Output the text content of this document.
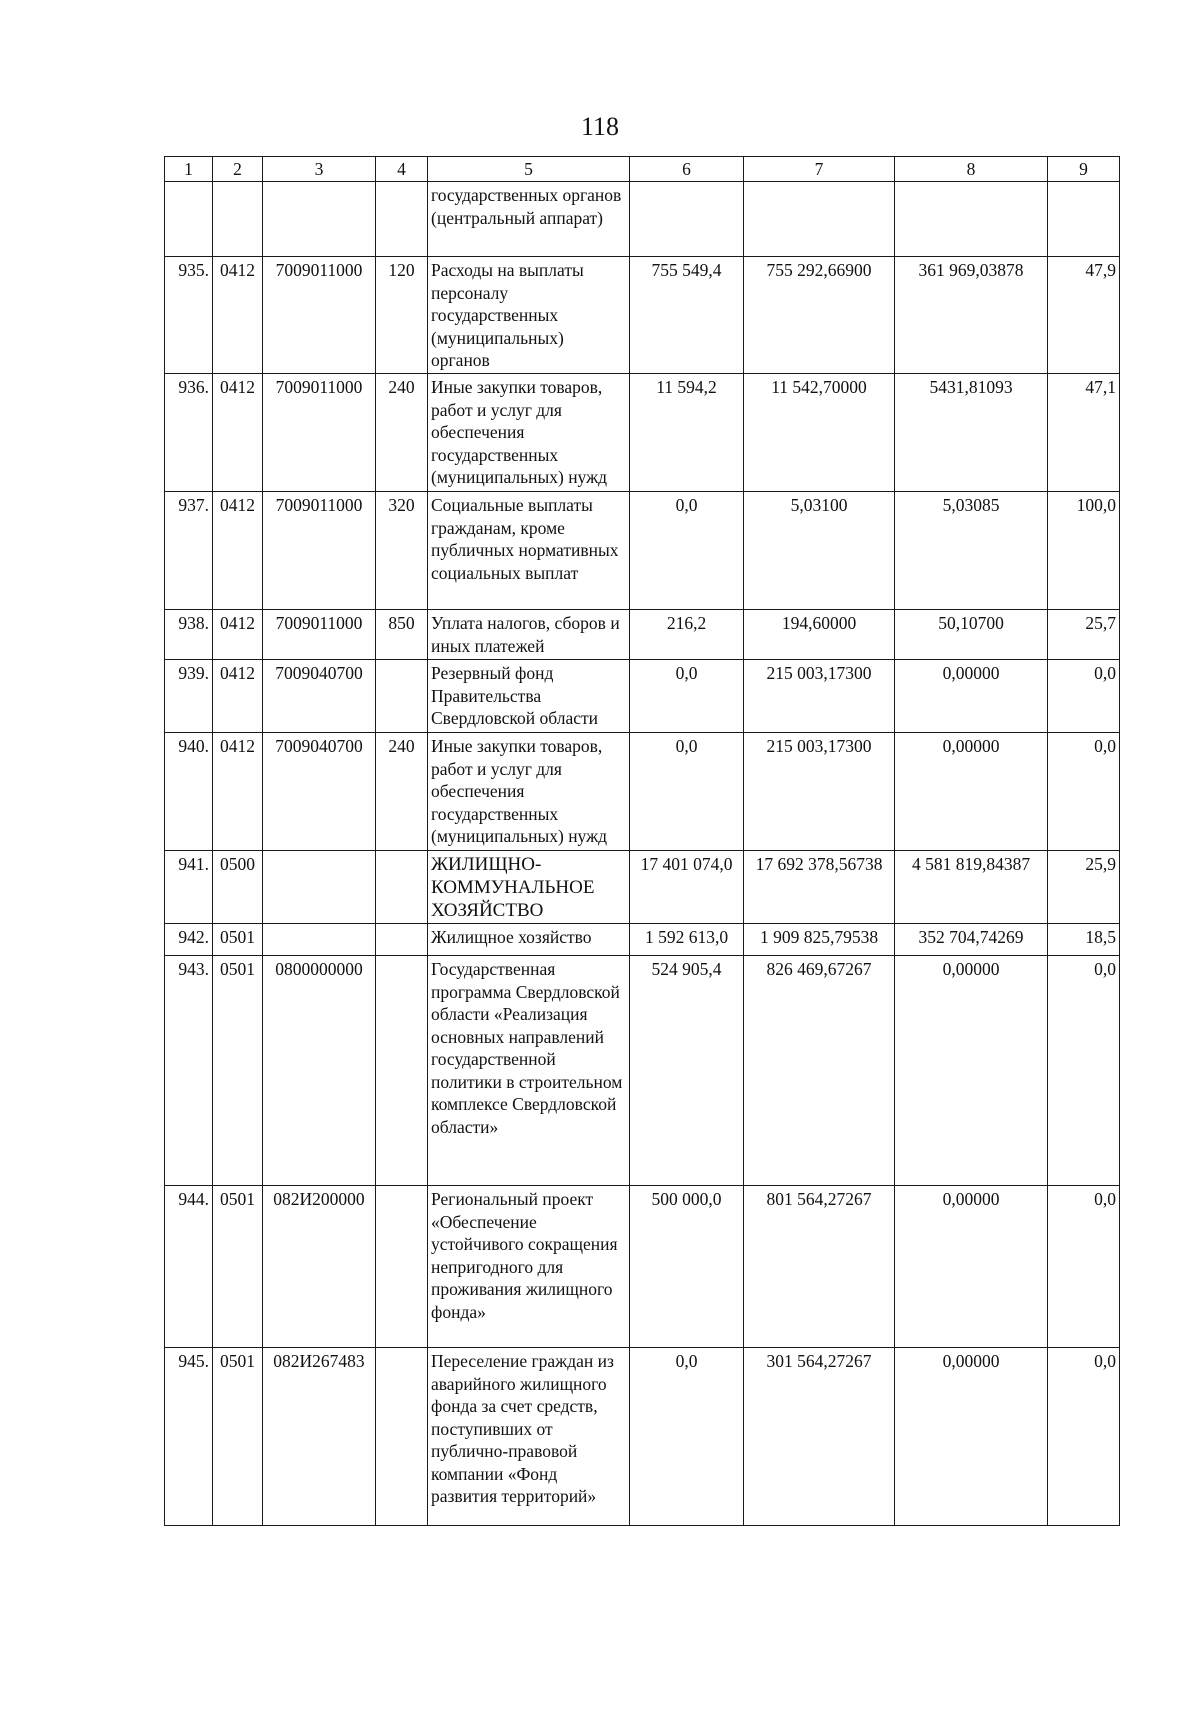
118
1	2	3	4	5	6	7	8	9
				государственных органов (центральный аппарат)				
935.	0412	7009011000	120	Расходы на выплаты персоналу государственных (муниципальных) органов	755 549,4	755 292,66900	361 969,03878	47,9
936.	0412	7009011000	240	Иные закупки товаров, работ и услуг для обеспечения государственных (муниципальных) нужд	11 594,2	11 542,70000	5431,81093	47,1
937.	0412	7009011000	320	Социальные выплаты гражданам, кроме публичных нормативных социальных выплат	0,0	5,03100	5,03085	100,0
938.	0412	7009011000	850	Уплата налогов, сборов и иных платежей	216,2	194,60000	50,10700	25,7
939.	0412	7009040700		Резервный фонд Правительства Свердловской области	0,0	215 003,17300	0,00000	0,0
940.	0412	7009040700	240	Иные закупки товаров, работ и услуг для обеспечения государственных (муниципальных) нужд	0,0	215 003,17300	0,00000	0,0
941.	0500			ЖИЛИЩНО-КОММУНАЛЬНОЕ ХОЗЯЙСТВО	17 401 074,0	17 692 378,56738	4 581 819,84387	25,9
942.	0501			Жилищное хозяйство	1 592 613,0	1 909 825,79538	352 704,74269	18,5
943.	0501	0800000000		Государственная программа Свердловской области «Реализация основных направлений государственной политики в строительном комплексе Свердловской области»	524 905,4	826 469,67267	0,00000	0,0
944.	0501	082И200000		Региональный проект «Обеспечение устойчивого сокращения непригодного для проживания жилищного фонда»	500 000,0	801 564,27267	0,00000	0,0
945.	0501	082И267483		Переселение граждан из аварийного жилищного фонда за счет средств, поступивших от публично-правовой компании «Фонд развития территорий»	0,0	301 564,27267	0,00000	0,0
